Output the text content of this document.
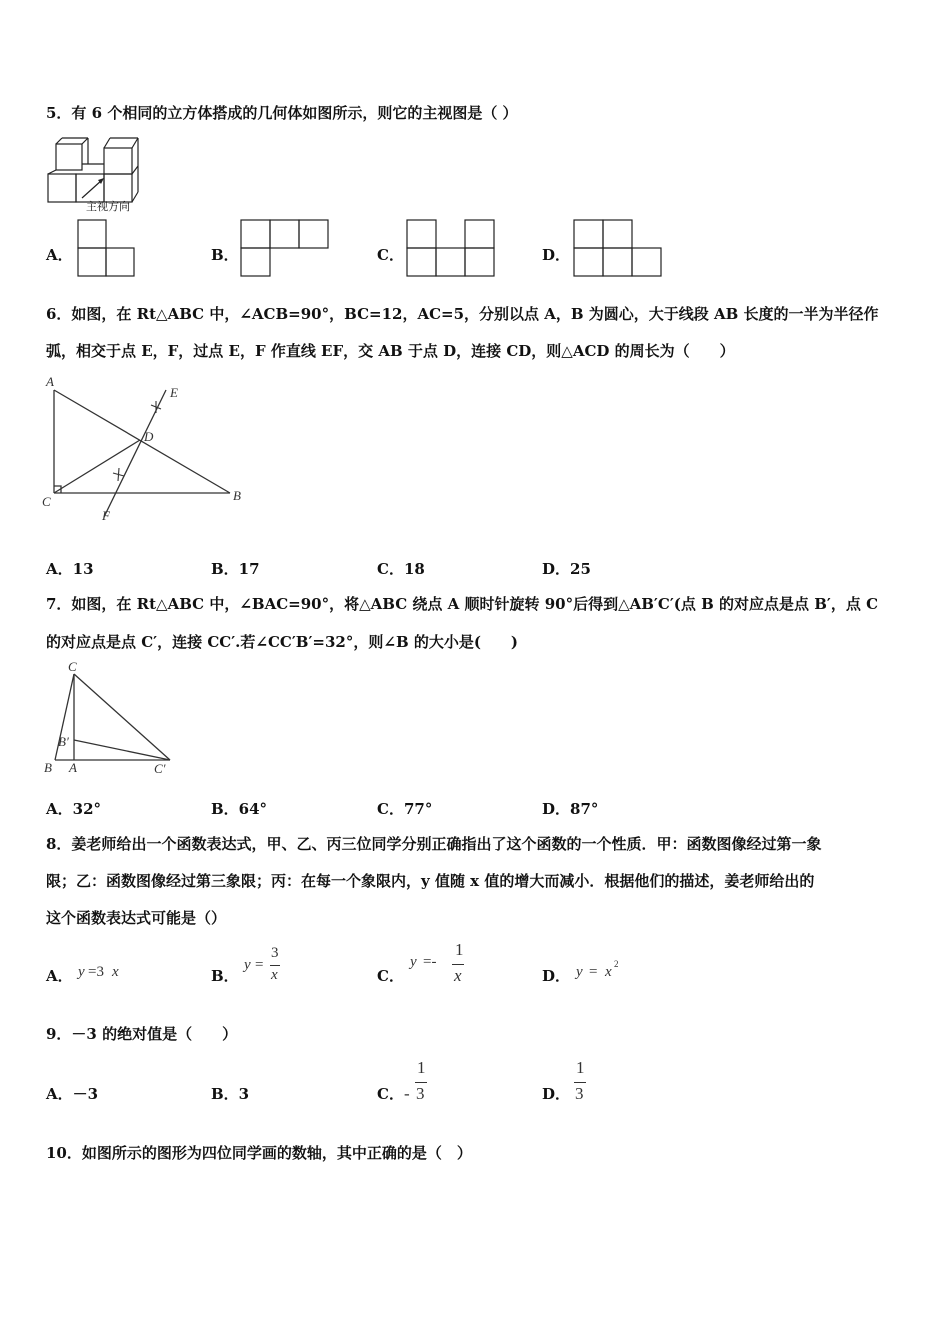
5．有 6 个相同的立方体搭成的几何体如图所示，则它的主视图是（ ）
主视方向
A．	B．	C．	D．
6．如图，在 Rt△ABC 中，∠ACB=90°，BC=12，AC=5，分别以点 A，B 为圆心，大于线段 AB 长度的一半为半径作
弧，相交于点 E，F，过点 E，F 作直线 EF，交 AB 于点 D，连接 CD，则△ACD 的周长为（　　）
A
E
D
C	B
F
A．13	B．17	C．18	D．25
7．如图，在 Rt△ABC 中，∠BAC=90°，将△ABC 绕点 A 顺时针旋转 90°后得到△AB′C′(点 B 的对应点是点 B′，点 C
的对应点是点 C′，连接 CC′.若∠CC′B′=32°，则∠B 的大小是(　　)
C
B′
B A	C′
A．32°	B．64°	C．77°	D．87°
8．姜老师给出一个函数表达式，甲、乙、丙三位同学分别正确指出了这个函数的一个性质．甲：函数图像经过第一象
限；乙：函数图像经过第三象限；丙：在每一个象限内，y 值随 x 值的增大而减小．根据他们的描述，姜老师给出的
这个函数表达式可能是（）
A． y =3 x	B．
y =
3
x	C．
y =-
1
x	D． y = x 2
9．－3 的绝对值是（　　）
A．－3	B．3	C． -
1
3	D．
1
3
10．如图所示的图形为四位同学画的数轴，其中正确的是（　）
